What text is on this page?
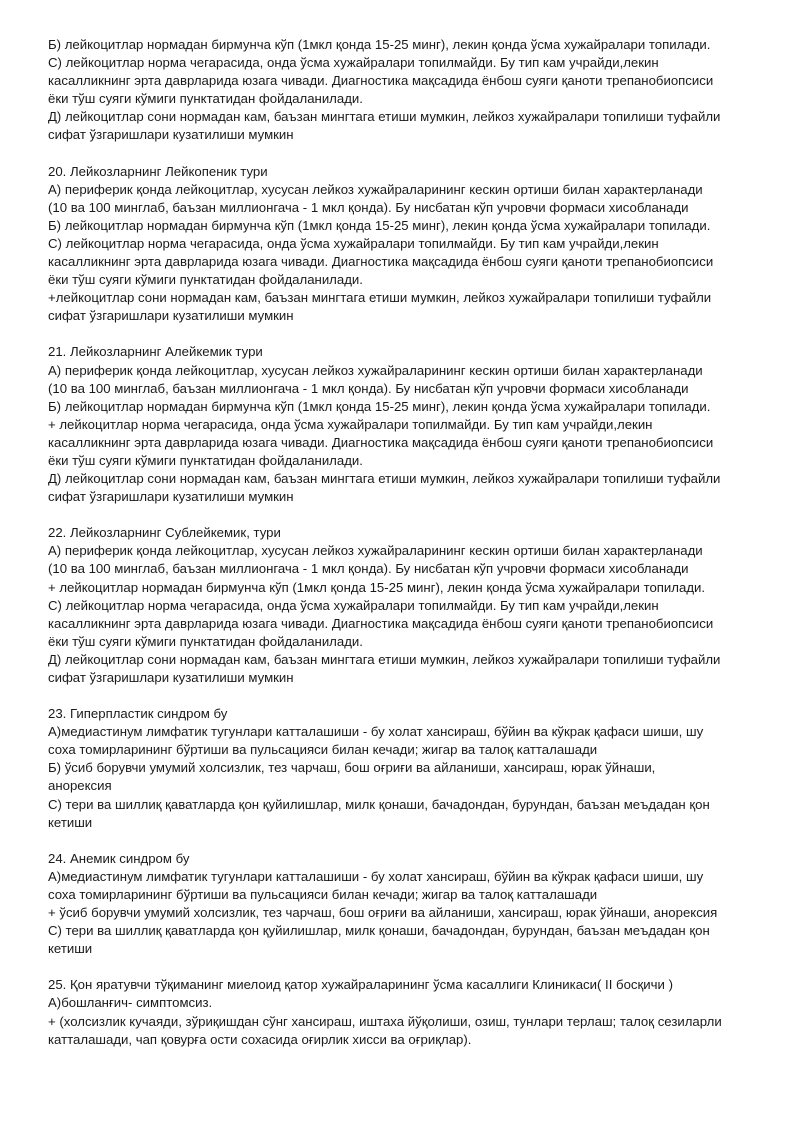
Б) лейкоцитлар нормадан бирмунча кўп (1мкл қонда 15-25 минг), лекин қонда ўсма хужайралари топилади.
С) лейкоцитлар норма чегарасида, онда ўсма хужайралари топилмайди. Бу тип кам учрайди,лекин
касалликнинг эрта даврларида юзага чивади. Диагностика мақсадида ёнбош суяги қаноти трепанобиопсиси
ёки тўш суяги кўмиги пунктатидан фойдаланилади.
Д) лейкоцитлар сони нормадан кам, баъзан мингтага етиши мумкин, лейкоз хужайралари топилиши туфайли
сифат ўзгаришлари кузатилиши мумкин
20. Лейкозларнинг Лейкопеник тури
А) периферик қонда лейкоцитлар, хусусан лейкоз хужайраларининг кескин ортиши билан характерланади
(10 ва 100 минглаб, баъзан миллионгача - 1 мкл қонда). Бу нисбатан кўп учровчи формаси хисобланади
Б) лейкоцитлар нормадан бирмунча кўп (1мкл қонда 15-25 минг), лекин қонда ўсма хужайралари топилади.
С) лейкоцитлар норма чегарасида, онда ўсма хужайралари топилмайди. Бу тип кам учрайди,лекин
касалликнинг эрта даврларида юзага чивади. Диагностика мақсадида ёнбош суяги қаноти трепанобиопсиси
ёки тўш суяги кўмиги пунктатидан фойдаланилади.
+лейкоцитлар сони нормадан кам, баъзан мингтага етиши мумкин, лейкоз хужайралари топилиши туфайли
сифат ўзгаришлари кузатилиши мумкин
21. Лейкозларнинг Алейкемик тури
А) периферик қонда лейкоцитлар, хусусан лейкоз хужайраларининг кескин ортиши билан характерланади
(10 ва 100 минглаб, баъзан миллионгача - 1 мкл қонда). Бу нисбатан кўп учровчи формаси хисобланади
Б) лейкоцитлар нормадан бирмунча кўп (1мкл қонда 15-25 минг), лекин қонда ўсма хужайралари топилади.
+ лейкоцитлар норма чегарасида, онда ўсма хужайралари топилмайди. Бу тип кам учрайди,лекин
касалликнинг эрта даврларида юзага чивади. Диагностика мақсадида ёнбош суяги қаноти трепанобиопсиси
ёки тўш суяги кўмиги пунктатидан фойдаланилади.
Д) лейкоцитлар сони нормадан кам, баъзан мингтага етиши мумкин, лейкоз хужайралари топилиши туфайли
сифат ўзгаришлари кузатилиши мумкин
22. Лейкозларнинг Сублейкемик, тури
А) периферик қонда лейкоцитлар, хусусан лейкоз хужайраларининг кескин ортиши билан характерланади
(10 ва 100 минглаб, баъзан миллионгача - 1 мкл қонда). Бу нисбатан кўп учровчи формаси хисобланади
+ лейкоцитлар нормадан бирмунча кўп (1мкл қонда 15-25 минг), лекин қонда ўсма хужайралари топилади.
С) лейкоцитлар норма чегарасида, онда ўсма хужайралари топилмайди. Бу тип кам учрайди,лекин
касалликнинг эрта даврларида юзага чивади. Диагностика мақсадида ёнбош суяги қаноти трепанобиопсиси
ёки тўш суяги кўмиги пунктатидан фойдаланилади.
Д) лейкоцитлар сони нормадан кам, баъзан мингтага етиши мумкин, лейкоз хужайралари топилиши туфайли
сифат ўзгаришлари кузатилиши мумкин
23. Гиперпластик синдром бу
А)медиастинум лимфатик тугунлари катталашиши - бу холат хансираш, бўйин ва кўкрак қафаси шиши, шу
соха томирларининг бўртиши ва пульсацияси билан кечади; жигар ва талоқ катталашади
Б) ўсиб борувчи умумий холсизлик, тез чарчаш, бош оғриғи ва айланиши, хансираш, юрак ўйнаши,
анорексия
С) тери ва шиллиқ қаватларда қон қуйилишлар, милк қонаши, бачадондан, бурундан, баъзан меъдадан қон
кетиши
24. Анемик синдром бу
А)медиастинум лимфатик тугунлари катталашиши - бу холат хансираш, бўйин ва кўкрак қафаси шиши, шу
соха томирларининг бўртиши ва пульсацияси билан кечади; жигар ва талоқ катталашади
+ ўсиб борувчи умумий холсизлик, тез чарчаш, бош оғриғи ва айланиши, хансираш, юрак ўйнаши, анорексия
С) тери ва шиллиқ қаватларда қон қуйилишлар, милк қонаши, бачадондан, бурундан, баъзан меъдадан қон
кетиши
25. Қон яратувчи тўқиманинг миелоид қатор хужайраларининг ўсма касаллиги Клиникаси( II босқичи )
А)бошланғич- симптомсиз.
+ (холсизлик кучаяди, зўриқишдан сўнг хансираш, иштаха йўқолиши, озиш, тунлари терлаш; талоқ сезиларли
катталашади, чап қовурға ости сохасида оғирлик хисси ва оғриқлар).
